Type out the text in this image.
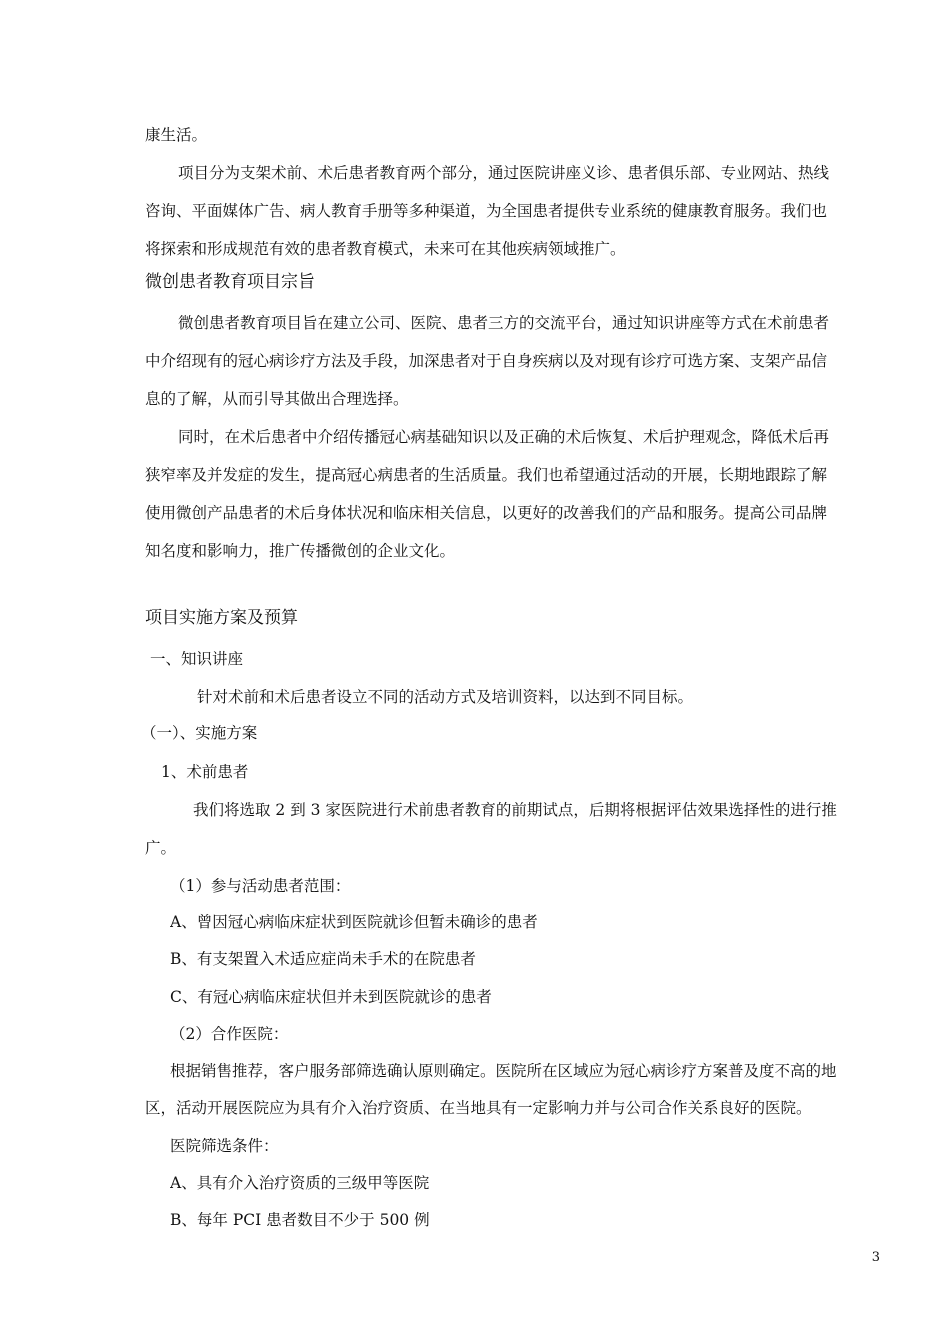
康生活。
项目分为支架术前、术后患者教育两个部分，通过医院讲座义诊、患者俱乐部、专业网站、热线
咨询、平面媒体广告、病人教育手册等多种渠道，为全国患者提供专业系统的健康教育服务。我们也
将探索和形成规范有效的患者教育模式，未来可在其他疾病领域推广。
微创患者教育项目宗旨
微创患者教育项目旨在建立公司、医院、患者三方的交流平台，通过知识讲座等方式在术前患者
中介绍现有的冠心病诊疗方法及手段，加深患者对于自身疾病以及对现有诊疗可选方案、支架产品信
息的了解，从而引导其做出合理选择。
同时，在术后患者中介绍传播冠心病基础知识以及正确的术后恢复、术后护理观念，降低术后再
狭窄率及并发症的发生，提高冠心病患者的生活质量。我们也希望通过活动的开展，长期地跟踪了解
使用微创产品患者的术后身体状况和临床相关信息，以更好的改善我们的产品和服务。提高公司品牌
知名度和影响力，推广传播微创的企业文化。
项目实施方案及预算
一、知识讲座
针对术前和术后患者设立不同的活动方式及培训资料，以达到不同目标。
（一）、实施方案
1、术前患者
我们将选取 2 到 3 家医院进行术前患者教育的前期试点，后期将根据评估效果选择性的进行推
广。
（1）参与活动患者范围：
A、曾因冠心病临床症状到医院就诊但暂未确诊的患者
B、有支架置入术适应症尚未手术的在院患者
C、有冠心病临床症状但并未到医院就诊的患者
（2）合作医院：
根据销售推荐，客户服务部筛选确认原则确定。医院所在区域应为冠心病诊疗方案普及度不高的地
区，活动开展医院应为具有介入治疗资质、在当地具有一定影响力并与公司合作关系良好的医院。
医院筛选条件：
A、具有介入治疗资质的三级甲等医院
B、每年 PCI 患者数目不少于 500 例
3
